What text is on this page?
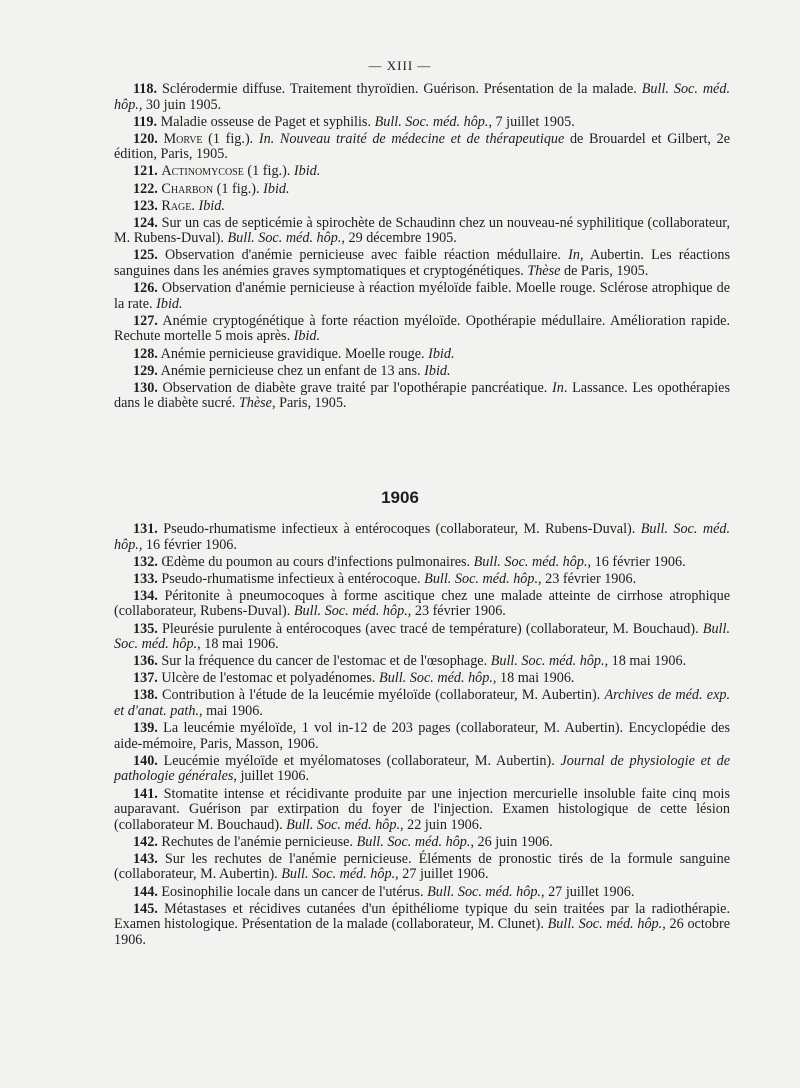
— XIII —

118. Sclérodermie diffuse. Traitement thyroïdien. Guérison. Présentation de la malade. Bull. Soc. méd. hôp., 30 juin 1905.

119. Maladie osseuse de Paget et syphilis. Bull. Soc. méd. hôp., 7 juillet 1905.

120. Morve (1 fig.). In. Nouveau traité de médecine et de thérapeutique de Brouardel et Gilbert, 2e édition, Paris, 1905.

121. Actinomycose (1 fig.). Ibid.

122. Charbon (1 fig.). Ibid.

123. Rage. Ibid.

124. Sur un cas de septicémie à spirochète de Schaudinn chez un nouveau-né syphilitique (collaborateur, M. Rubens-Duval). Bull. Soc. méd. hôp., 29 décembre 1905.

125. Observation d'anémie pernicieuse avec faible réaction médullaire. In, Aubertin. Les réactions sanguines dans les anémies graves symptomatiques et cryptogénétiques. Thèse de Paris, 1905.

126. Observation d'anémie pernicieuse à réaction myéloïde faible. Moelle rouge. Sclérose atrophique de la rate. Ibid.

127. Anémie cryptogénétique à forte réaction myéloïde. Opothérapie médullaire. Amélioration rapide. Rechute mortelle 5 mois après. Ibid.

128. Anémie pernicieuse gravidique. Moelle rouge. Ibid.

129. Anémie pernicieuse chez un enfant de 13 ans. Ibid.

130. Observation de diabète grave traité par l'opothérapie pancréatique. In. Lassance. Les opothérapies dans le diabète sucré. Thèse, Paris, 1905.

1906

131. Pseudo-rhumatisme infectieux à entérocoques (collaborateur, M. Rubens-Duval). Bull. Soc. méd. hôp., 16 février 1906.

132. Œdème du poumon au cours d'infections pulmonaires. Bull. Soc. méd. hôp., 16 février 1906.

133. Pseudo-rhumatisme infectieux à entérocoque. Bull. Soc. méd. hôp., 23 février 1906.

134. Péritonite à pneumocoques à forme ascitique chez une malade atteinte de cirrhose atrophique (collaborateur, Rubens-Duval). Bull. Soc. méd. hôp., 23 février 1906.

135. Pleurésie purulente à entérocoques (avec tracé de température) (collaborateur, M. Bouchaud). Bull. Soc. méd. hôp., 18 mai 1906.

136. Sur la fréquence du cancer de l'estomac et de l'œsophage. Bull. Soc. méd. hôp., 18 mai 1906.

137. Ulcère de l'estomac et polyadénomes. Bull. Soc. méd. hôp., 18 mai 1906.

138. Contribution à l'étude de la leucémie myéloïde (collaborateur, M. Aubertin). Archives de méd. exp. et d'anat. path., mai 1906.

139. La leucémie myéloïde, 1 vol in-12 de 203 pages (collaborateur, M. Aubertin). Encyclopédie des aide-mémoire, Paris, Masson, 1906.

140. Leucémie myéloïde et myélomatoses (collaborateur, M. Aubertin). Journal de physiologie et de pathologie générales, juillet 1906.

141. Stomatite intense et récidivante produite par une injection mercurielle insoluble faite cinq mois auparavant. Guérison par extirpation du foyer de l'injection. Examen histologique de cette lésion (collaborateur M. Bouchaud). Bull. Soc. méd. hôp., 22 juin 1906.

142. Rechutes de l'anémie pernicieuse. Bull. Soc. méd. hôp., 26 juin 1906.

143. Sur les rechutes de l'anémie pernicieuse. Éléments de pronostic tirés de la formule sanguine (collaborateur, M. Aubertin). Bull. Soc. méd. hôp., 27 juillet 1906.

144. Eosinophilie locale dans un cancer de l'utérus. Bull. Soc. méd. hôp., 27 juillet 1906.

145. Métastases et récidives cutanées d'un épithéliome typique du sein traitées par la radiothérapie. Examen histologique. Présentation de la malade (collaborateur, M. Clunet). Bull. Soc. méd. hôp., 26 octobre 1906.
